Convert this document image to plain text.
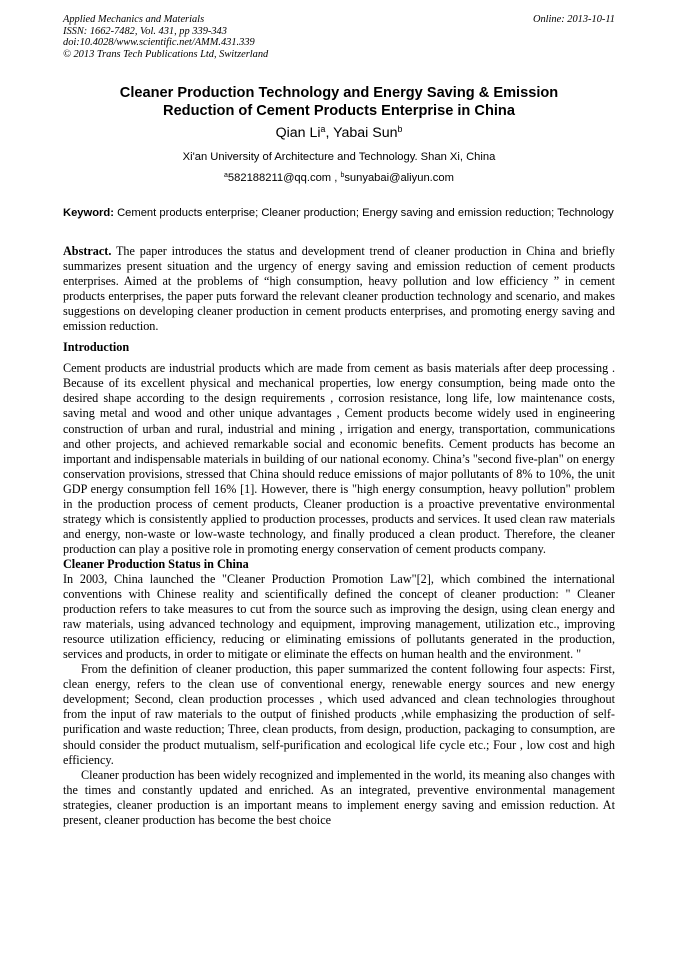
Applied Mechanics and Materials
ISSN: 1662-7482, Vol. 431, pp 339-343
doi:10.4028/www.scientific.net/AMM.431.339
© 2013 Trans Tech Publications Ltd, Switzerland
Online: 2013-10-11
Cleaner Production Technology and Energy Saving & Emission
Reduction of Cement Products Enterprise in China
Qian Li$^a$, Yabai Sun$^b$
Xi'an University of Architecture and Technology. Shan Xi, China
$^a$582188211@qq.com , $^b$sunyabai@aliyun.com
Keyword: Cement products enterprise; Cleaner production; Energy saving and emission reduction; Technology

Abstract. The paper introduces the status and development trend of cleaner production in China and briefly summarizes present situation and the urgency of energy saving and emission reduction of cement products enterprises. Aimed at the problems of “high consumption, heavy pollution and low efficiency ” in cement products enterprises, the paper puts forward the relevant cleaner production technology and scenario, and makes suggestions on developing cleaner production in cement products enterprises, and promoting energy saving and emission reduction.

Introduction

Cement products are industrial products which are made from cement as basis materials after deep processing . Because of its excellent physical and mechanical properties, low energy consumption, being made onto the desired shape according to the design requirements , corrosion resistance, long life, low maintenance costs, saving metal and wood and other unique advantages , Cement products become widely used in engineering construction of urban and rural, industrial and mining , irrigation and energy, transportation, communications and other projects, and achieved remarkable social and economic benefits. Cement products has become an important and indispensable materials in building of our national economy. China’s "second five-plan" on energy conservation provisions, stressed that China should reduce emissions of major pollutants of 8% to 10%, the unit GDP energy consumption fell 16% [1]. However, there is "high energy consumption, heavy pollution" problem in the production process of cement products, Cleaner production is a proactive preventative environmental strategy which is consistently applied to production processes, products and services. It used clean raw materials and energy, non-waste or low-waste technology, and finally produced a clean product. Therefore, the cleaner production can play a positive role in promoting energy conservation of cement products company.

Cleaner Production Status in China

In 2003, China launched the "Cleaner Production Promotion Law"[2], which combined the international conventions with Chinese reality and scientifically defined the concept of cleaner production: " Cleaner production refers to take measures to cut from the source such as improving the design, using clean energy and raw materials, using advanced technology and equipment, improving management, utilization etc., improving resource utilization efficiency, reducing or eliminating emissions of pollutants generated in the production, services and products, in order to mitigate or eliminate the effects on human health and the environment. "

From the definition of cleaner production, this paper summarized the content following four aspects: First, clean energy, refers to the clean use of conventional energy, renewable energy sources and new energy development; Second, clean production processes , which used advanced and clean technologies throughout from the input of raw materials to the output of finished products ,while emphasizing the production of self-purification and waste reduction; Three, clean products, from design, production, packaging to consumption, are should consider the product mutualism, self-purification and ecological life cycle etc.; Four , low cost and high efficiency.

Cleaner production has been widely recognized and implemented in the world, its meaning also changes with the times and constantly updated and enriched. As an integrated, preventive environmental management strategies, cleaner production is an important means to implement energy saving and emission reduction. At present, cleaner production has become the best choice
